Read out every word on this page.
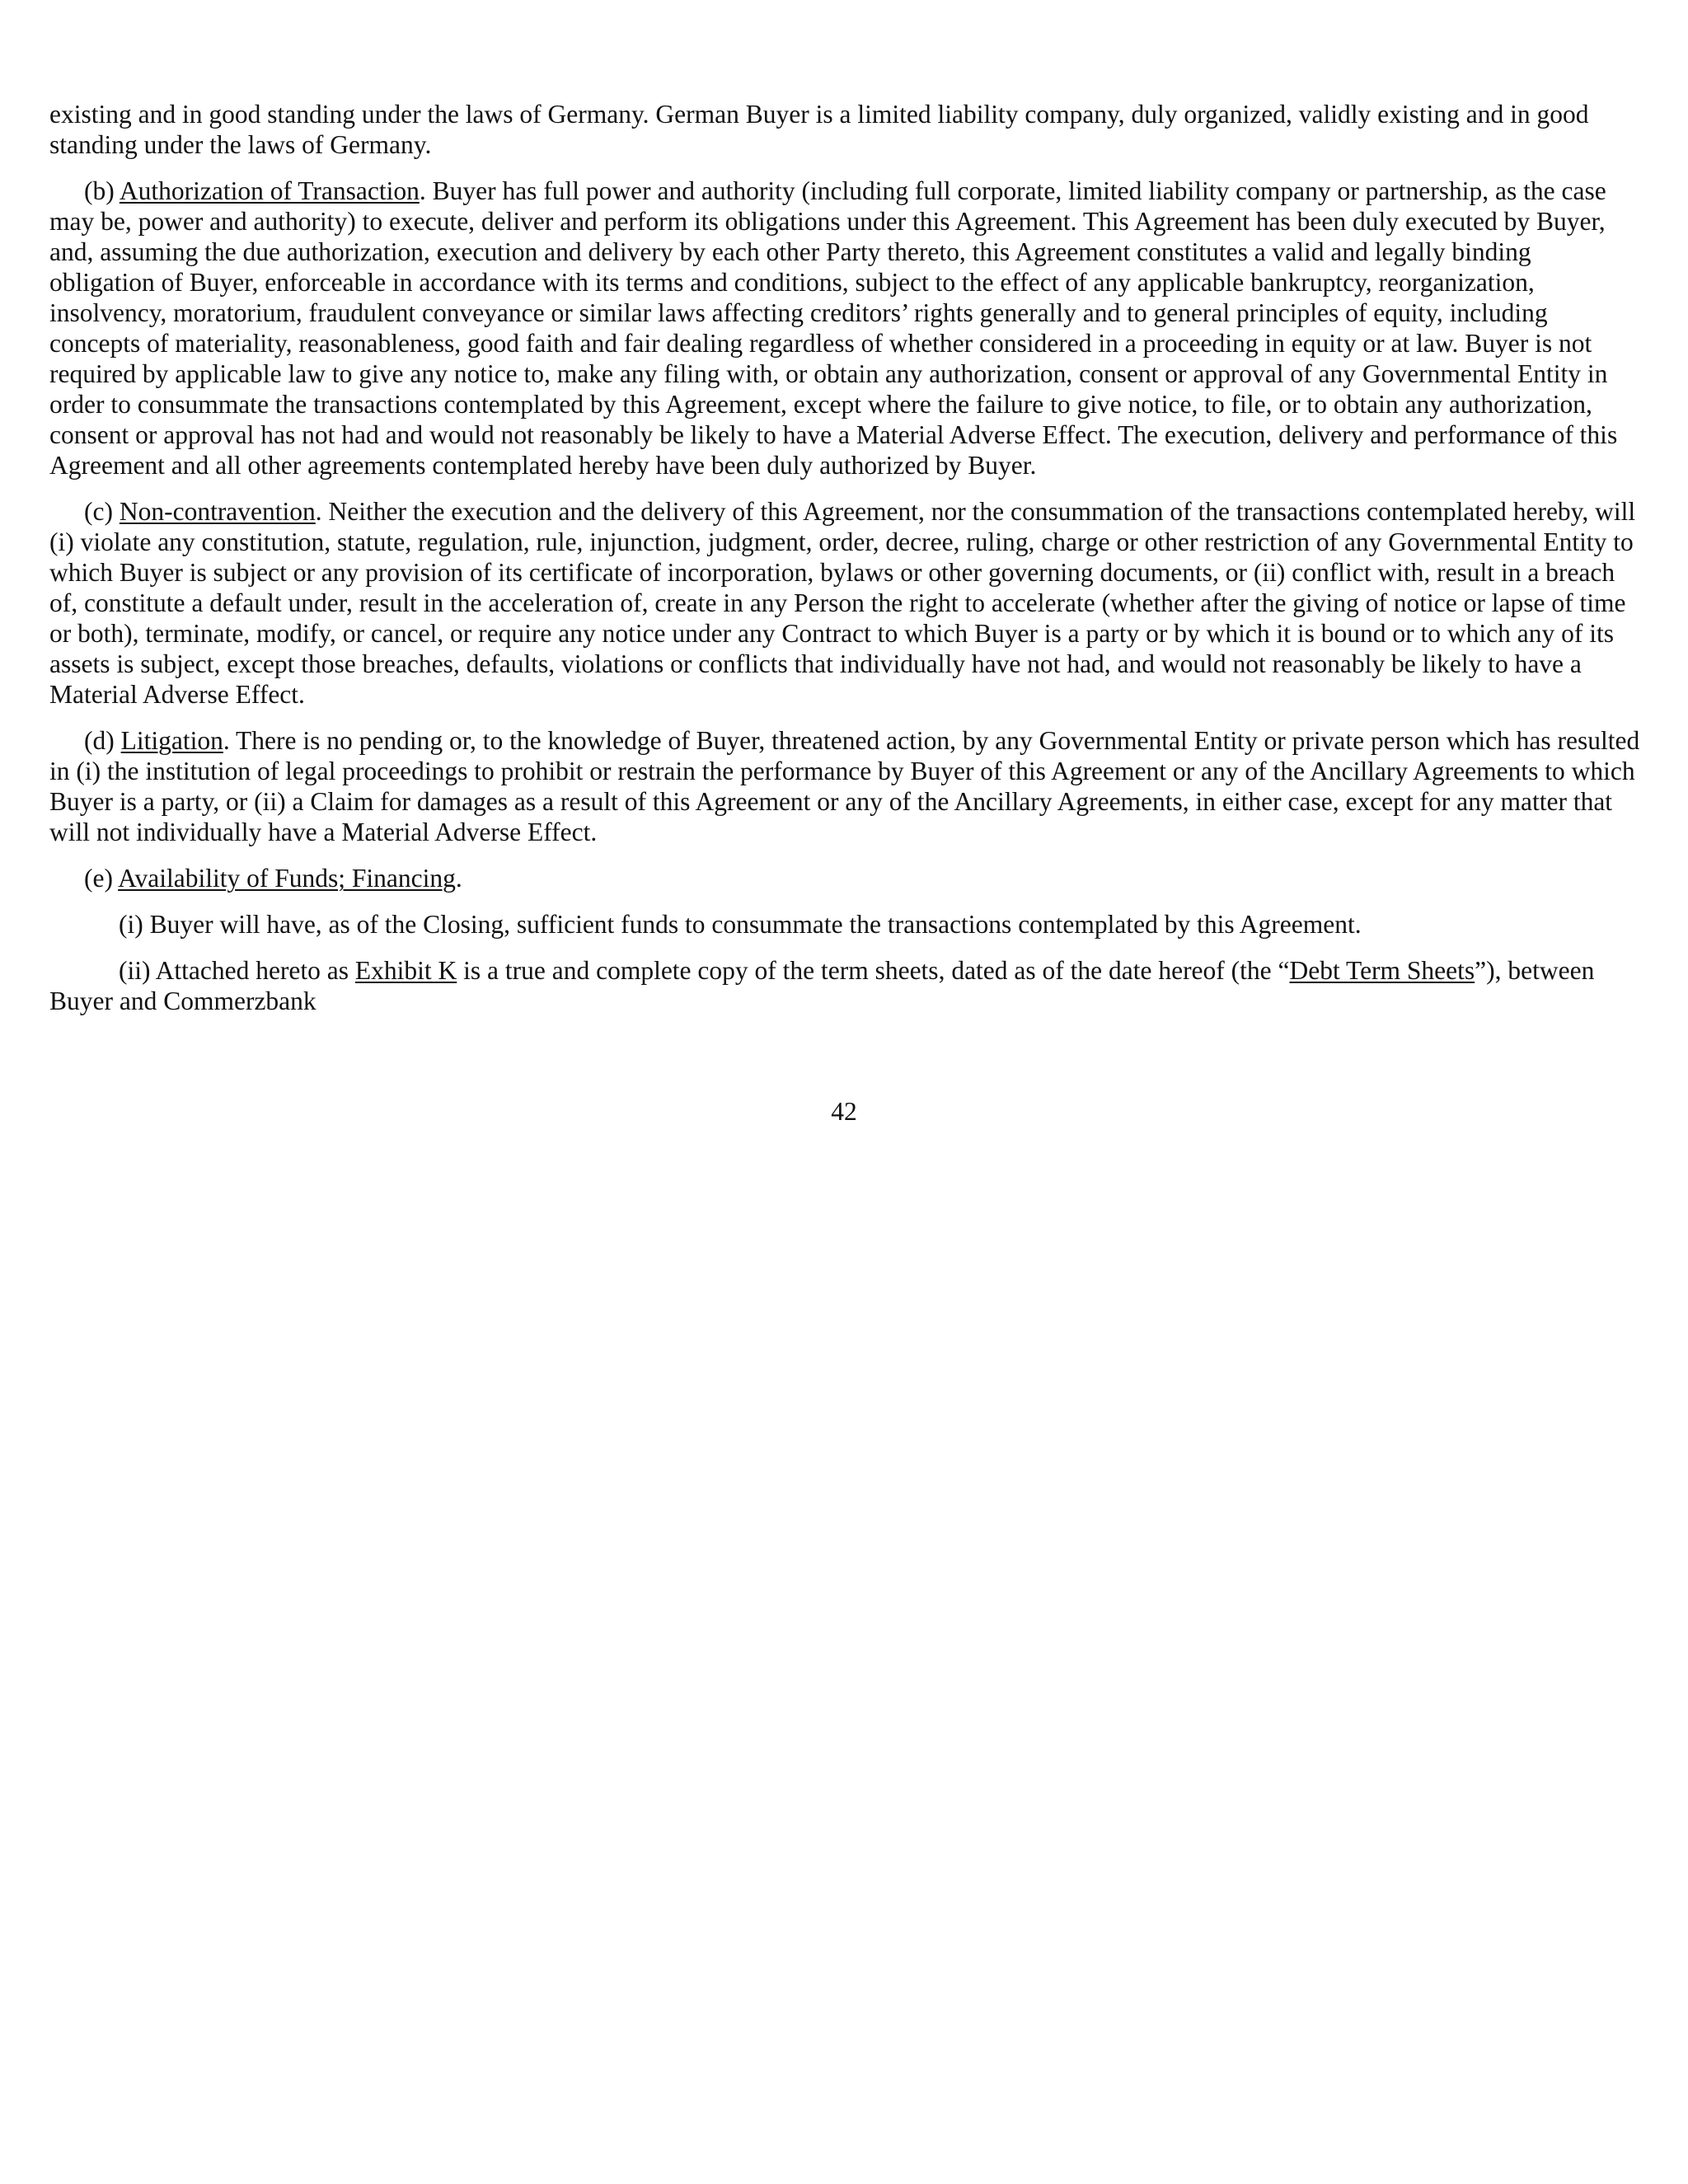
existing and in good standing under the laws of Germany. German Buyer is a limited liability company, duly organized, validly existing and in good standing under the laws of Germany.

(b) Authorization of Transaction. Buyer has full power and authority (including full corporate, limited liability company or partnership, as the case may be, power and authority) to execute, deliver and perform its obligations under this Agreement. This Agreement has been duly executed by Buyer, and, assuming the due authorization, execution and delivery by each other Party thereto, this Agreement constitutes a valid and legally binding obligation of Buyer, enforceable in accordance with its terms and conditions, subject to the effect of any applicable bankruptcy, reorganization, insolvency, moratorium, fraudulent conveyance or similar laws affecting creditors’ rights generally and to general principles of equity, including concepts of materiality, reasonableness, good faith and fair dealing regardless of whether considered in a proceeding in equity or at law. Buyer is not required by applicable law to give any notice to, make any filing with, or obtain any authorization, consent or approval of any Governmental Entity in order to consummate the transactions contemplated by this Agreement, except where the failure to give notice, to file, or to obtain any authorization, consent or approval has not had and would not reasonably be likely to have a Material Adverse Effect. The execution, delivery and performance of this Agreement and all other agreements contemplated hereby have been duly authorized by Buyer.

(c) Non-contravention. Neither the execution and the delivery of this Agreement, nor the consummation of the transactions contemplated hereby, will (i) violate any constitution, statute, regulation, rule, injunction, judgment, order, decree, ruling, charge or other restriction of any Governmental Entity to which Buyer is subject or any provision of its certificate of incorporation, bylaws or other governing documents, or (ii) conflict with, result in a breach of, constitute a default under, result in the acceleration of, create in any Person the right to accelerate (whether after the giving of notice or lapse of time or both), terminate, modify, or cancel, or require any notice under any Contract to which Buyer is a party or by which it is bound or to which any of its assets is subject, except those breaches, defaults, violations or conflicts that individually have not had, and would not reasonably be likely to have a Material Adverse Effect.

(d) Litigation. There is no pending or, to the knowledge of Buyer, threatened action, by any Governmental Entity or private person which has resulted in (i) the institution of legal proceedings to prohibit or restrain the performance by Buyer of this Agreement or any of the Ancillary Agreements to which Buyer is a party, or (ii) a Claim for damages as a result of this Agreement or any of the Ancillary Agreements, in either case, except for any matter that will not individually have a Material Adverse Effect.

(e) Availability of Funds; Financing.

(i) Buyer will have, as of the Closing, sufficient funds to consummate the transactions contemplated by this Agreement.

(ii) Attached hereto as Exhibit K is a true and complete copy of the term sheets, dated as of the date hereof (the “Debt Term Sheets”), between Buyer and Commerzbank

42
